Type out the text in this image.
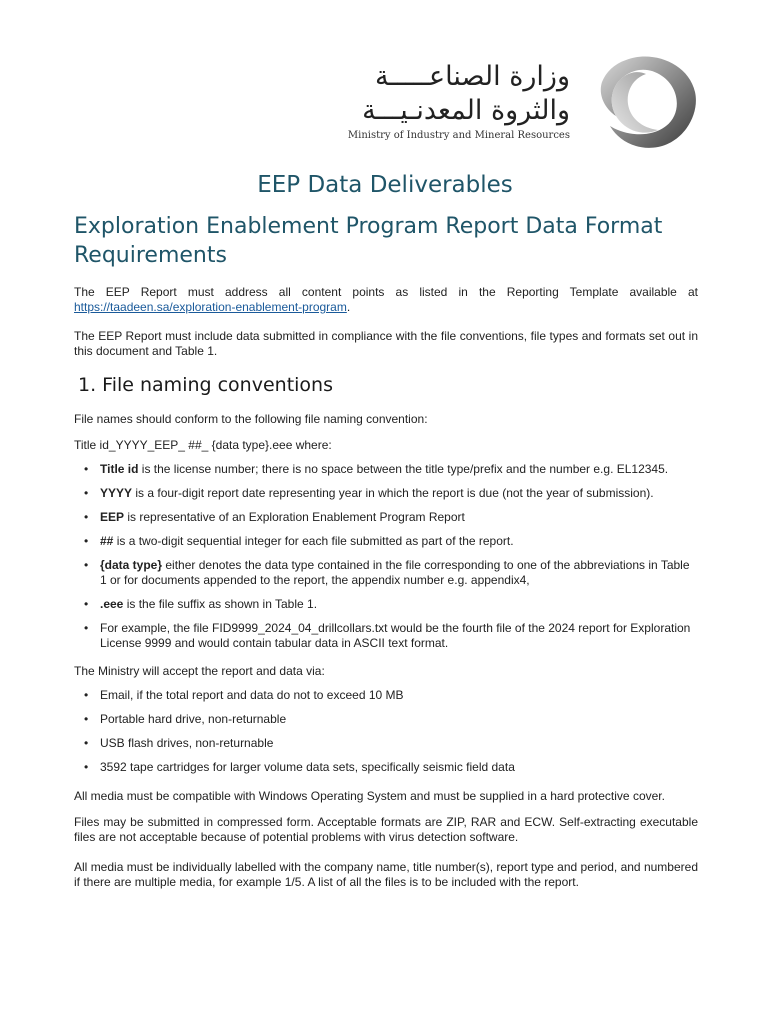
وزارة الصناعـــــة
والثروة المعدنـيـــة
Ministry of Industry and Mineral Resources
EEP Data Deliverables
Exploration Enablement Program Report Data Format Requirements

The EEP Report must address all content points as listed in the Reporting Template available at https://taadeen.sa/exploration-enablement-program.

The EEP Report must include data submitted in compliance with the file conventions, file types and formats set out in this document and Table 1.

1. File naming conventions

File names should conform to the following file naming convention:

Title id_YYYY_EEP_ ##_ {data type}.eee where:

• Title id is the license number; there is no space between the title type/prefix and the number e.g. EL12345.
• YYYY is a four-digit report date representing year in which the report is due (not the year of submission).
• EEP is representative of an Exploration Enablement Program Report
• ## is a two-digit sequential integer for each file submitted as part of the report.
• {data type} either denotes the data type contained in the file corresponding to one of the abbreviations in Table 1 or for documents appended to the report, the appendix number e.g. appendix4,
• .eee is the file suffix as shown in Table 1.
• For example, the file FID9999_2024_04_drillcollars.txt would be the fourth file of the 2024 report for Exploration License 9999 and would contain tabular data in ASCII text format.

The Ministry will accept the report and data via:

• Email, if the total report and data do not to exceed 10 MB
• Portable hard drive, non-returnable
• USB flash drives, non-returnable
• 3592 tape cartridges for larger volume data sets, specifically seismic field data

All media must be compatible with Windows Operating System and must be supplied in a hard protective cover.

Files may be submitted in compressed form. Acceptable formats are ZIP, RAR and ECW. Self-extracting executable files are not acceptable because of potential problems with virus detection software.

All media must be individually labelled with the company name, title number(s), report type and period, and numbered if there are multiple media, for example 1/5. A list of all the files is to be included with the report.
